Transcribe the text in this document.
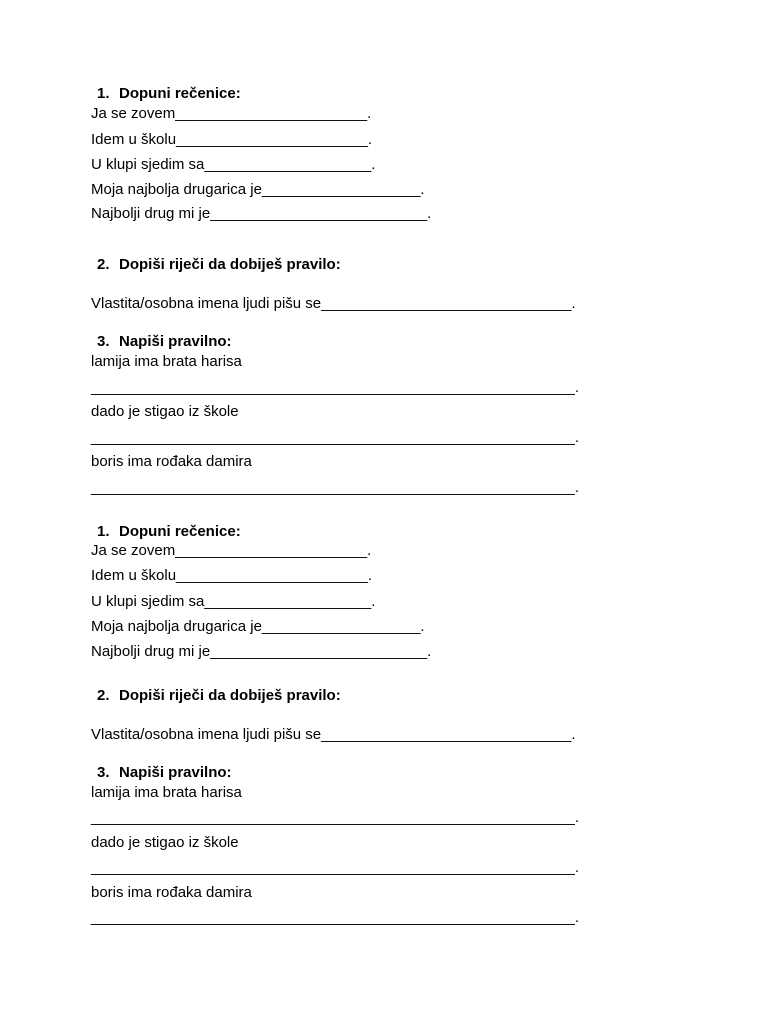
1. Dopuni rečenice:
Ja se zovem_______________________.
Idem u školu_______________________.
U klupi sjedim sa____________________.
Moja najbolja drugarica je___________________.
Najbolji drug mi je__________________________.
2. Dopiši riječi da dobiješ pravilo:
Vlastita/osobna imena ljudi pišu se______________________________.
3. Napiši pravilno:
lamija ima brata harisa
__________________________________________________________.
dado je stigao iz škole
__________________________________________________________.
boris ima rođaka damira
__________________________________________________________.
1. Dopuni rečenice:
Ja se zovem_______________________.
Idem u školu_______________________.
U klupi sjedim sa____________________.
Moja najbolja drugarica je___________________.
Najbolji drug mi je__________________________.
2. Dopiši riječi da dobiješ pravilo:
Vlastita/osobna imena ljudi pišu se______________________________.
3. Napiši pravilno:
lamija ima brata harisa
__________________________________________________________.
dado je stigao iz škole
__________________________________________________________.
boris ima rođaka damira
__________________________________________________________.
